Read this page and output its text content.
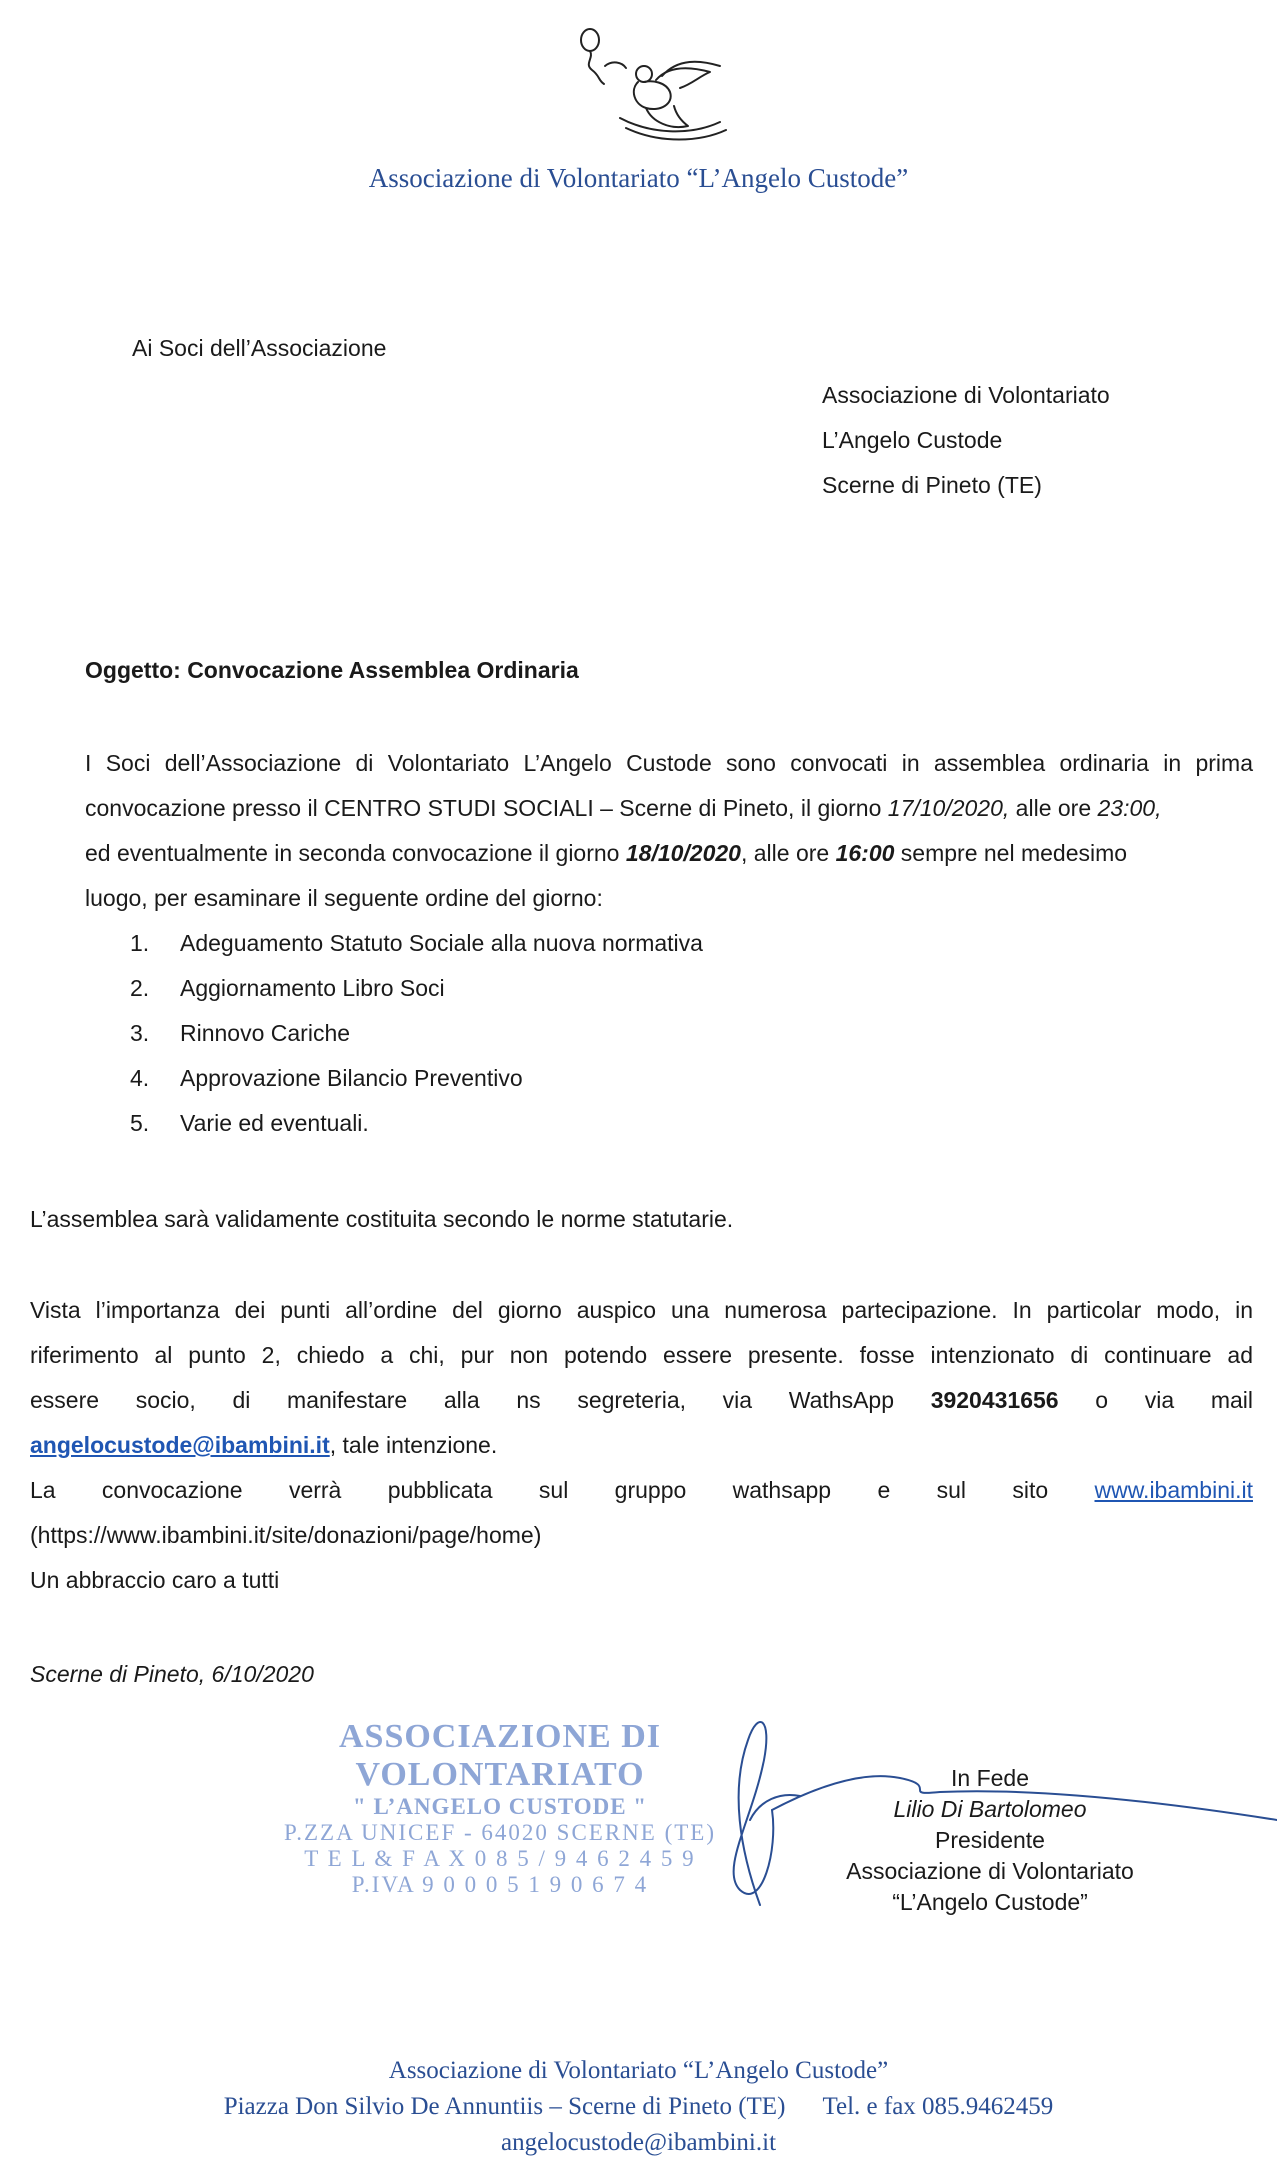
Associazione di Volontariato “L’Angelo Custode”
Ai Soci dell’Associazione
Associazione di Volontariato
L’Angelo Custode
Scerne di Pineto (TE)
Oggetto: Convocazione Assemblea Ordinaria
I Soci dell’Associazione di Volontariato L’Angelo Custode sono convocati in assemblea ordinaria in prima
convocazione presso il CENTRO STUDI SOCIALI – Scerne di Pineto, il giorno 17/10/2020, alle ore 23:00,
ed eventualmente in seconda convocazione il giorno 18/10/2020, alle ore 16:00 sempre nel medesimo
luogo, per esaminare il seguente ordine del giorno:
1. Adeguamento Statuto Sociale alla nuova normativa
2. Aggiornamento Libro Soci
3. Rinnovo Cariche
4. Approvazione Bilancio Preventivo
5. Varie ed eventuali.
L’assemblea sarà validamente costituita secondo le norme statutarie.
Vista l’importanza dei punti all’ordine del giorno auspico una numerosa partecipazione. In particolar modo, in
riferimento al punto 2, chiedo a chi, pur non potendo essere presente. fosse intenzionato di continuare ad
essere socio, di manifestare alla ns segreteria, via WathsApp 3920431656 o via mail
angelocustode@ibambini.it, tale intenzione.
La convocazione verrà pubblicata sul gruppo wathsapp e sul sito www.ibambini.it
(https://www.ibambini.it/site/donazioni/page/home)
Un abbraccio caro a tutti
Scerne di Pineto, 6/10/2020
ASSOCIAZIONE DI VOLONTARIATO
" L’ANGELO CUSTODE "
P.ZZA UNICEF - 64020 SCERNE (TE)
T E L & F A X 0 8 5 / 9 4 6 2 4 5 9
P.IVA 9 0 0 0 5 1 9 0 6 7 4
In Fede
Lilio Di Bartolomeo
Presidente
Associazione di Volontariato
“L’Angelo Custode”
Associazione di Volontariato “L’Angelo Custode”
Piazza Don Silvio De Annuntiis – Scerne di Pineto (TE)      Tel. e fax 085.9462459
angelocustode@ibambini.it
